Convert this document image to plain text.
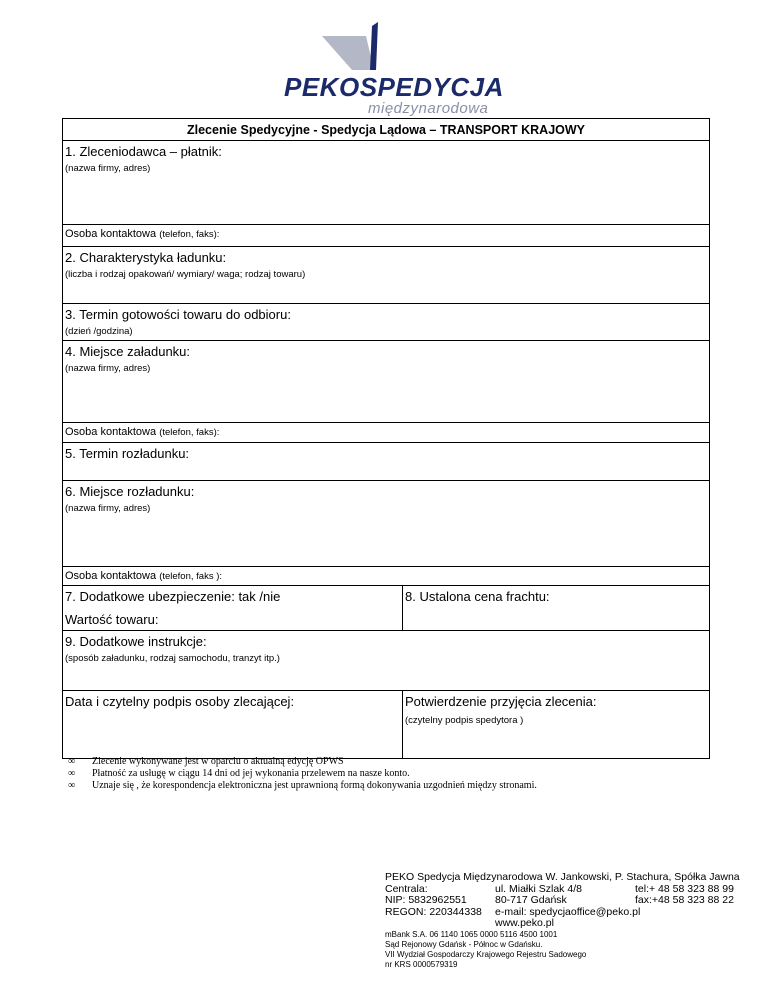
PEKOSPEDYCJA
międzynarodowa
Zlecenie Spedycyjne - Spedycja Lądowa – TRANSPORT KRAJOWY
1. Zleceniodawca – płatnik:
(nazwa firmy, adres)
Osoba kontaktowa (telefon, faks):
2. Charakterystyka ładunku:
(liczba i rodzaj opakowań/ wymiary/ waga; rodzaj towaru)
3. Termin gotowości towaru do odbioru:
(dzień /godzina)
4. Miejsce załadunku:
(nazwa firmy, adres)
Osoba kontaktowa (telefon, faks):
5. Termin rozładunku:
6. Miejsce rozładunku:
(nazwa firmy, adres)
Osoba kontaktowa (telefon, faks ):
7. Dodatkowe ubezpieczenie: tak /nie
Wartość towaru:
8. Ustalona cena frachtu:
9. Dodatkowe instrukcje:
(sposób załadunku, rodzaj samochodu, tranzyt itp.)
Data i czytelny podpis osoby zlecającej:	Potwierdzenie przyjęcia zlecenia:
(czytelny podpis spedytora )
∞ Zlecenie wykonywane jest w oparciu o aktualną edycję OPWS
∞ Płatność za usługę w ciągu 14 dni od jej wykonania przelewem na nasze konto.
∞ Uznaje się , że korespondencja elektroniczna jest uprawnioną formą dokonywania uzgodnień między stronami.
PEKO Spedycja Międzynarodowa W. Jankowski, P. Stachura, Spółka Jawna
Centrala:	ul. Miałki Szlak 4/8	tel:+ 48 58 323 88 99
NIP: 5832962551	80-717 Gdańsk	fax:+48 58 323 88 22
REGON: 220344338 e-mail: spedycjaoffice@peko.pl
www.peko.pl
mBank S.A. 06 1140 1065 0000 5116 4500 1001
Sąd Rejonowy Gdańsk - Północ w Gdańsku.
VII Wydział Gospodarczy Krajowego Rejestru Sadowego
nr KRS 0000579319
